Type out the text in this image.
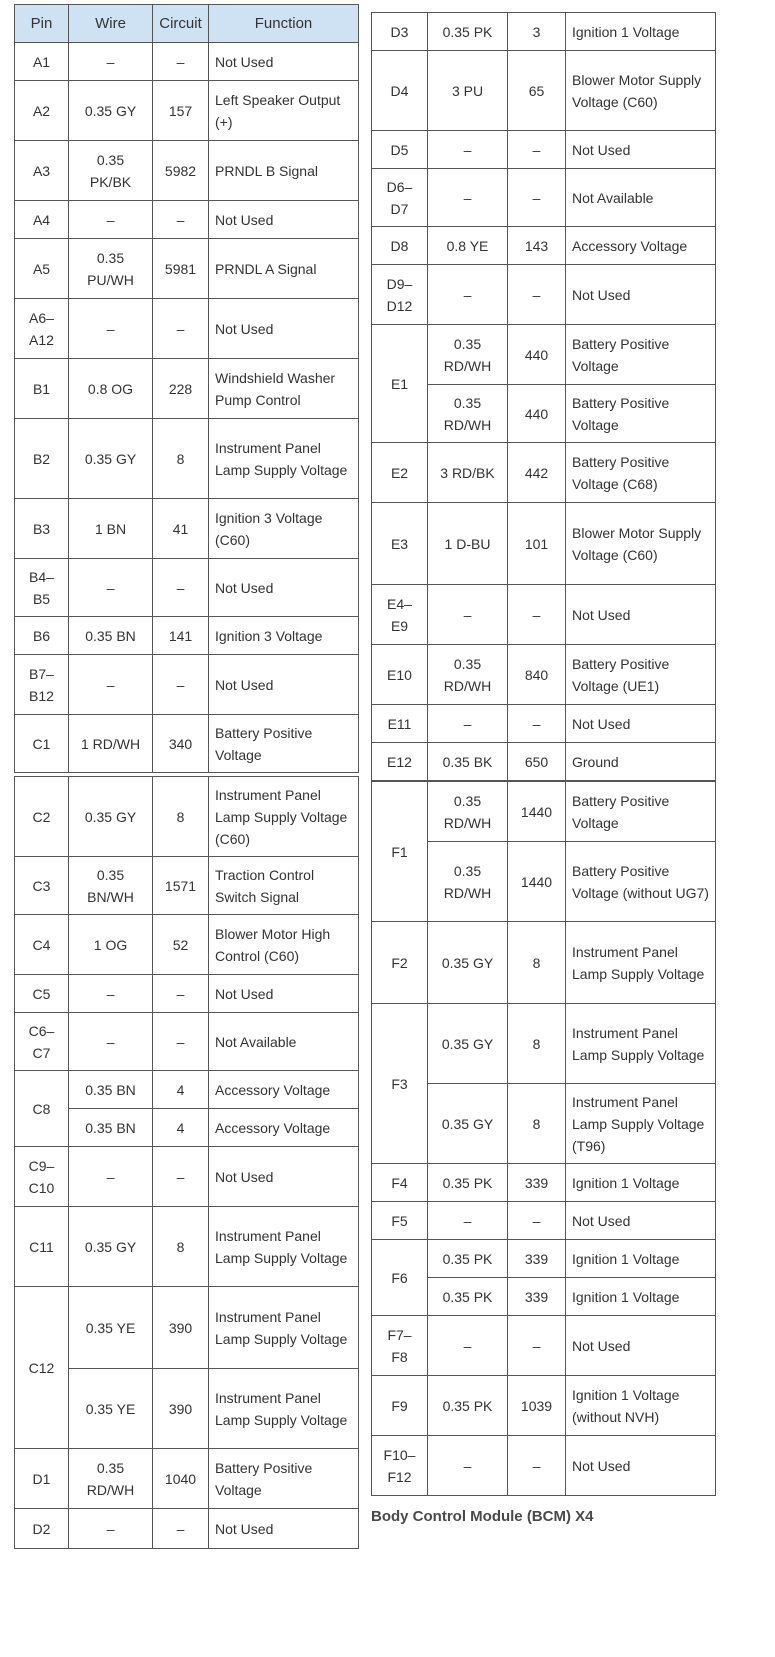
Pin	Wire	Circuit	Function
A1	–	–	Not Used
A2	0.35 GY	157	Left Speaker Output (+)
A3	0.35 PK/BK	5982	PRNDL B Signal
A4	–	–	Not Used
A5	0.35 PU/WH	5981	PRNDL A Signal
A6– A12	–	–	Not Used
B1	0.8 OG	228	Windshield Washer Pump Control
B2	0.35 GY	8	Instrument Panel Lamp Supply Voltage
B3	1 BN	41	Ignition 3 Voltage (C60)
B4– B5	–	–	Not Used
B6	0.35 BN	141	Ignition 3 Voltage
B7– B12	–	–	Not Used
C1	1 RD/WH	340	Battery Positive Voltage
D3	0.35 PK	3	Ignition 1 Voltage
D4	3 PU	65	Blower Motor Supply Voltage (C60)
D5	–	–	Not Used
D6– D7	–	–	Not Available
D8	0.8 YE	143	Accessory Voltage
D9– D12	–	–	Not Used
E1	0.35 RD/WH	440	Battery Positive Voltage
	0.35 RD/WH	440	Battery Positive Voltage
E2	3 RD/BK	442	Battery Positive Voltage (C68)
E3	1 D-BU	101	Blower Motor Supply Voltage (C60)
E4– E9	–	–	Not Used
E10	0.35 RD/WH	840	Battery Positive Voltage (UE1)
E11	–	–	Not Used
E12	0.35 BK	650	Ground
C2	0.35 GY	8	Instrument Panel Lamp Supply Voltage (C60)
C3	0.35 BN/WH	1571	Traction Control Switch Signal
C4	1 OG	52	Blower Motor High Control (C60)
C5	–	–	Not Used
C6– C7	–	–	Not Available
C8	0.35 BN	4	Accessory Voltage
	0.35 BN	4	Accessory Voltage
C9– C10	–	–	Not Used
C11	0.35 GY	8	Instrument Panel Lamp Supply Voltage
C12	0.35 YE	390	Instrument Panel Lamp Supply Voltage
	0.35 YE	390	Instrument Panel Lamp Supply Voltage
D1	0.35 RD/WH	1040	Battery Positive Voltage
D2	–	–	Not Used
F1	0.35 RD/WH	1440	Battery Positive Voltage
	0.35 RD/WH	1440	Battery Positive Voltage (without UG7)
F2	0.35 GY	8	Instrument Panel Lamp Supply Voltage
F3	0.35 GY	8	Instrument Panel Lamp Supply Voltage
	0.35 GY	8	Instrument Panel Lamp Supply Voltage (T96)
F4	0.35 PK	339	Ignition 1 Voltage
F5	–	–	Not Used
F6	0.35 PK	339	Ignition 1 Voltage
	0.35 PK	339	Ignition 1 Voltage
F7– F8	–	–	Not Used
F9	0.35 PK	1039	Ignition 1 Voltage (without NVH)
F10– F12	–	–	Not Used
Body Control Module (BCM) X4
